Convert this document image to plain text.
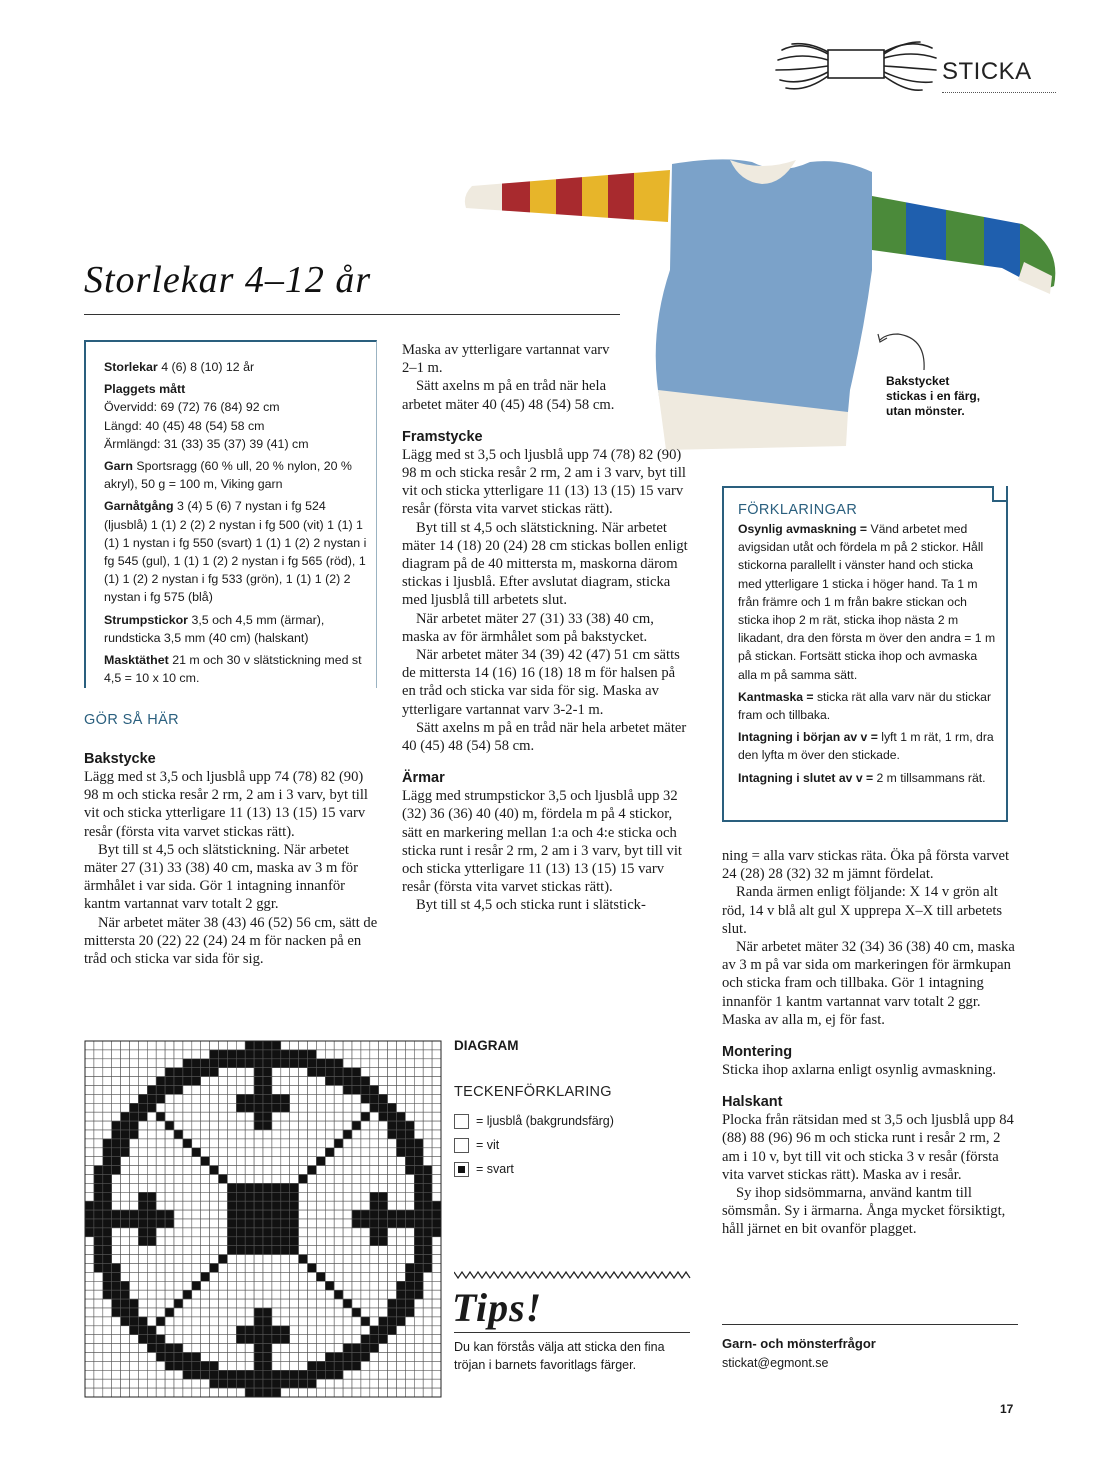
STICKA
Storlekar 4–12 år
Bakstycket
stickas i en färg,
utan mönster.

Storlekar 4 (6) 8 (10) 12 år

Plaggets mått
Övervidd: 69 (72) 76 (84) 92 cm
Längd: 40 (45) 48 (54) 58 cm
Ärmlängd: 31 (33) 35 (37) 39 (41) cm

Garn Sportsragg (60 % ull, 20 % nylon, 20 % akryl), 50 g = 100 m, Viking garn

Garnåtgång 3 (4) 5 (6) 7 nystan i fg 524 (ljusblå) 1 (1) 2 (2) 2 nystan i fg 500 (vit) 1 (1) 1 (1) 1 nystan i fg 550 (svart) 1 (1) 1 (2) 2 nystan i fg 545 (gul), 1 (1) 1 (2) 2 nystan i fg 565 (röd), 1 (1) 1 (2) 2 nystan i fg 533 (grön), 1 (1) 1 (2) 2 nystan i fg 575 (blå)

Strumpstickor 3,5 och 4,5 mm (ärmar), rundsticka 3,5 mm (40 cm) (halskant)

Masktäthet 21 m och 30 v slätstickning med st 4,5 = 10 x 10 cm.

GÖR SÅ HÄR
Bakstycke

Lägg med st 3,5 och ljusblå upp 74 (78) 82 (90) 98 m och sticka resår 2 rm, 2 am i 3 varv, byt till vit och sticka ytterligare 11 (13) 13 (15) 15 varv resår (första vita varvet stickas rätt).

Byt till st 4,5 och slätstickning. När arbetet mäter 27 (31) 33 (38) 40 cm, maska av 3 m för ärmhålet i var sida. Gör 1 intagning innanför kantm vartannat varv totalt 2 ggr.

När arbetet mäter 38 (43) 46 (52) 56 cm, sätt de mittersta 20 (22) 22 (24) 24 m för nacken på en tråd och sticka var sida för sig.

Maska av ytterligare vartannat varv 2–1 m.

Sätt axelns m på en tråd när hela arbetet mäter 40 (45) 48 (54) 58 cm.

Framstycke

Lägg med st 3,5 och ljusblå upp 74 (78) 82 (90) 98 m och sticka resår 2 rm, 2 am i 3 varv, byt till vit och sticka ytterligare 11 (13) 13 (15) 15 varv resår (första vita varvet stickas rätt).

Byt till st 4,5 och slätstickning. När arbetet mäter 14 (18) 20 (24) 28 cm stickas bollen enligt diagram på de 40 mittersta m, maskorna därom stickas i ljusblå. Efter avslutat diagram, sticka med ljusblå till arbetets slut.

När arbetet mäter 27 (31) 33 (38) 40 cm, maska av för ärmhålet som på bakstycket.

När arbetet mäter 34 (39) 42 (47) 51 cm sätts de mittersta 14 (16) 16 (18) 18 m för halsen på en tråd och sticka var sida för sig. Maska av ytterligare vartannat varv 3-2-1 m.

Sätt axelns m på en tråd när hela arbetet mäter 40 (45) 48 (54) 58 cm.

Ärmar

Lägg med strumpstickor 3,5 och ljusblå upp 32 (32) 36 (36) 40 (40) m, fördela m på 4 stickor, sätt en markering mellan 1:a och 4:e sticka och sticka runt i resår 2 rm, 2 am i 3 varv, byt till vit och sticka ytterligare 11 (13) 13 (15) 15 varv resår (första vita varvet stickas rätt).

Byt till st 4,5 och sticka runt i slätstick-

FÖRKLARINGAR

Osynlig avmaskning = Vänd arbetet med avigsidan utåt och fördela m på 2 stickor. Håll stickorna parallellt i vänster hand och sticka med ytterligare 1 sticka i höger hand. Ta 1 m från främre och 1 m från bakre stickan och sticka ihop 2 m rät, sticka ihop nästa 2 m likadant, dra den första m över den andra = 1 m på stickan. Fortsätt sticka ihop och avmaska alla m på samma sätt.

Kantmaska = sticka rät alla varv när du stickar fram och tillbaka.

Intagning i början av v = lyft 1 m rät, 1 rm, dra den lyfta m över den stickade.

Intagning i slutet av v = 2 m tillsammans rät.

ning = alla varv stickas räta. Öka på första varvet 24 (28) 28 (32) 32 m jämnt fördelat.

Randa ärmen enligt följande: X 14 v grön alt röd, 14 v blå alt gul X upprepa X–X till arbetets slut.

När arbetet mäter 32 (34) 36 (38) 40 cm, maska av 3 m på var sida om markeringen för ärmkupan och sticka fram och tillbaka. Gör 1 intagning innanför 1 kantm vartannat varv totalt 2 ggr. Maska av alla m, ej för fast.

Montering

Sticka ihop axlarna enligt osynlig avmaskning.

Halskant

Plocka från rätsidan med st 3,5 och ljusblå upp 84 (88) 88 (96) 96 m och sticka runt i resår 2 rm, 2 am i 10 v, byt till vit och sticka 3 v resår (första vita varvet stickas rätt). Maska av i resår.

Sy ihop sidsömmarna, använd kantm till sömsmån. Sy i ärmarna. Ånga mycket försiktigt, håll järnet en bit ovanför plagget.

Garn- och mönsterfrågor
stickat@egmont.se
DIAGRAM
TECKENFÖRKLARING
= ljusblå (bakgrundsfärg)
= vit
= svart
Tips!
Du kan förstås välja att sticka den fina tröjan i barnets favoritlags färger.
17
